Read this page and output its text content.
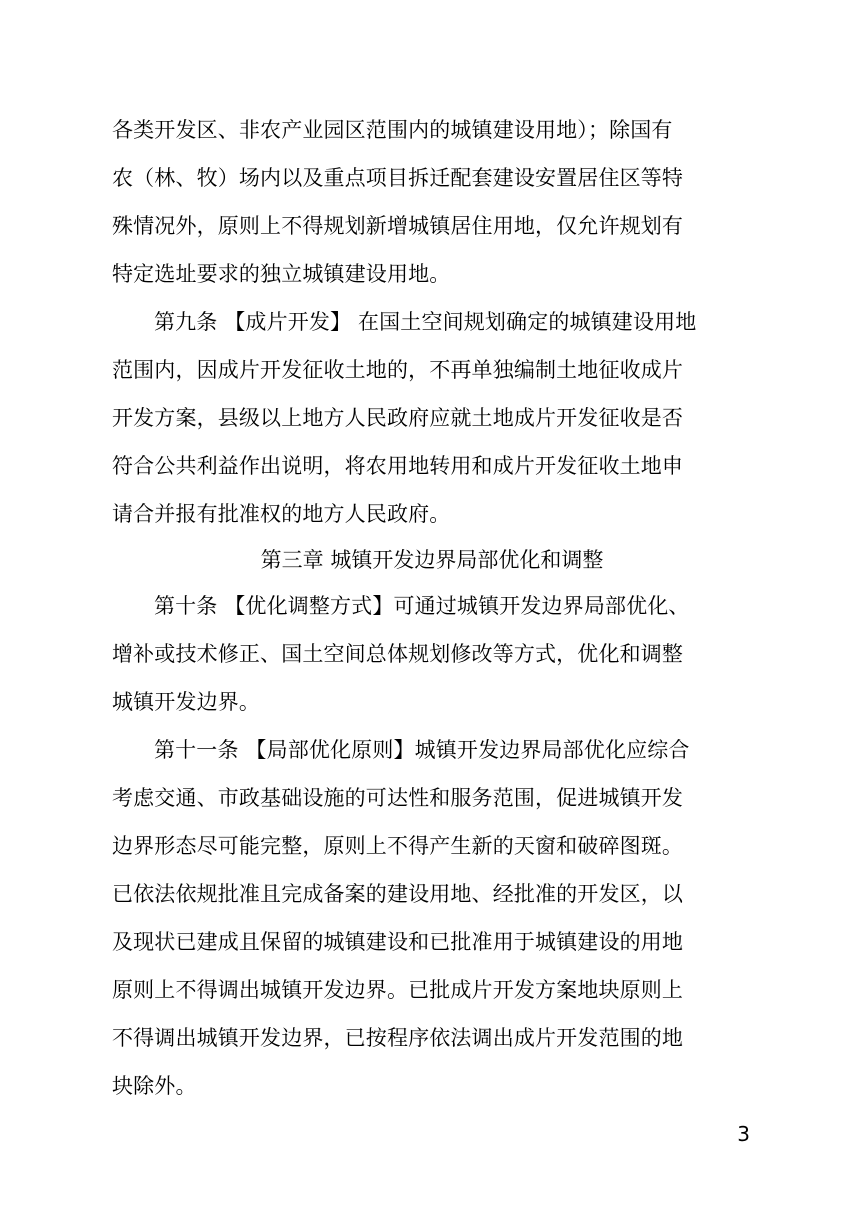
各类开发区、非农产业园区范围内的城镇建设用地）；除国有
农（林、牧）场内以及重点项目拆迁配套建设安置居住区等特
殊情况外，原则上不得规划新增城镇居住用地，仅允许规划有
特定选址要求的独立城镇建设用地。
第九条 【成片开发】 在国土空间规划确定的城镇建设用地
范围内，因成片开发征收土地的，不再单独编制土地征收成片
开发方案，县级以上地方人民政府应就土地成片开发征收是否
符合公共利益作出说明，将农用地转用和成片开发征收土地申
请合并报有批准权的地方人民政府。
第三章 城镇开发边界局部优化和调整
第十条 【优化调整方式】可通过城镇开发边界局部优化、
增补或技术修正、国土空间总体规划修改等方式，优化和调整
城镇开发边界。
第十一条 【局部优化原则】城镇开发边界局部优化应综合
考虑交通、市政基础设施的可达性和服务范围，促进城镇开发
边界形态尽可能完整，原则上不得产生新的天窗和破碎图斑。
已依法依规批准且完成备案的建设用地、经批准的开发区，以
及现状已建成且保留的城镇建设和已批准用于城镇建设的用地
原则上不得调出城镇开发边界。已批成片开发方案地块原则上
不得调出城镇开发边界，已按程序依法调出成片开发范围的地
块除外。
3
